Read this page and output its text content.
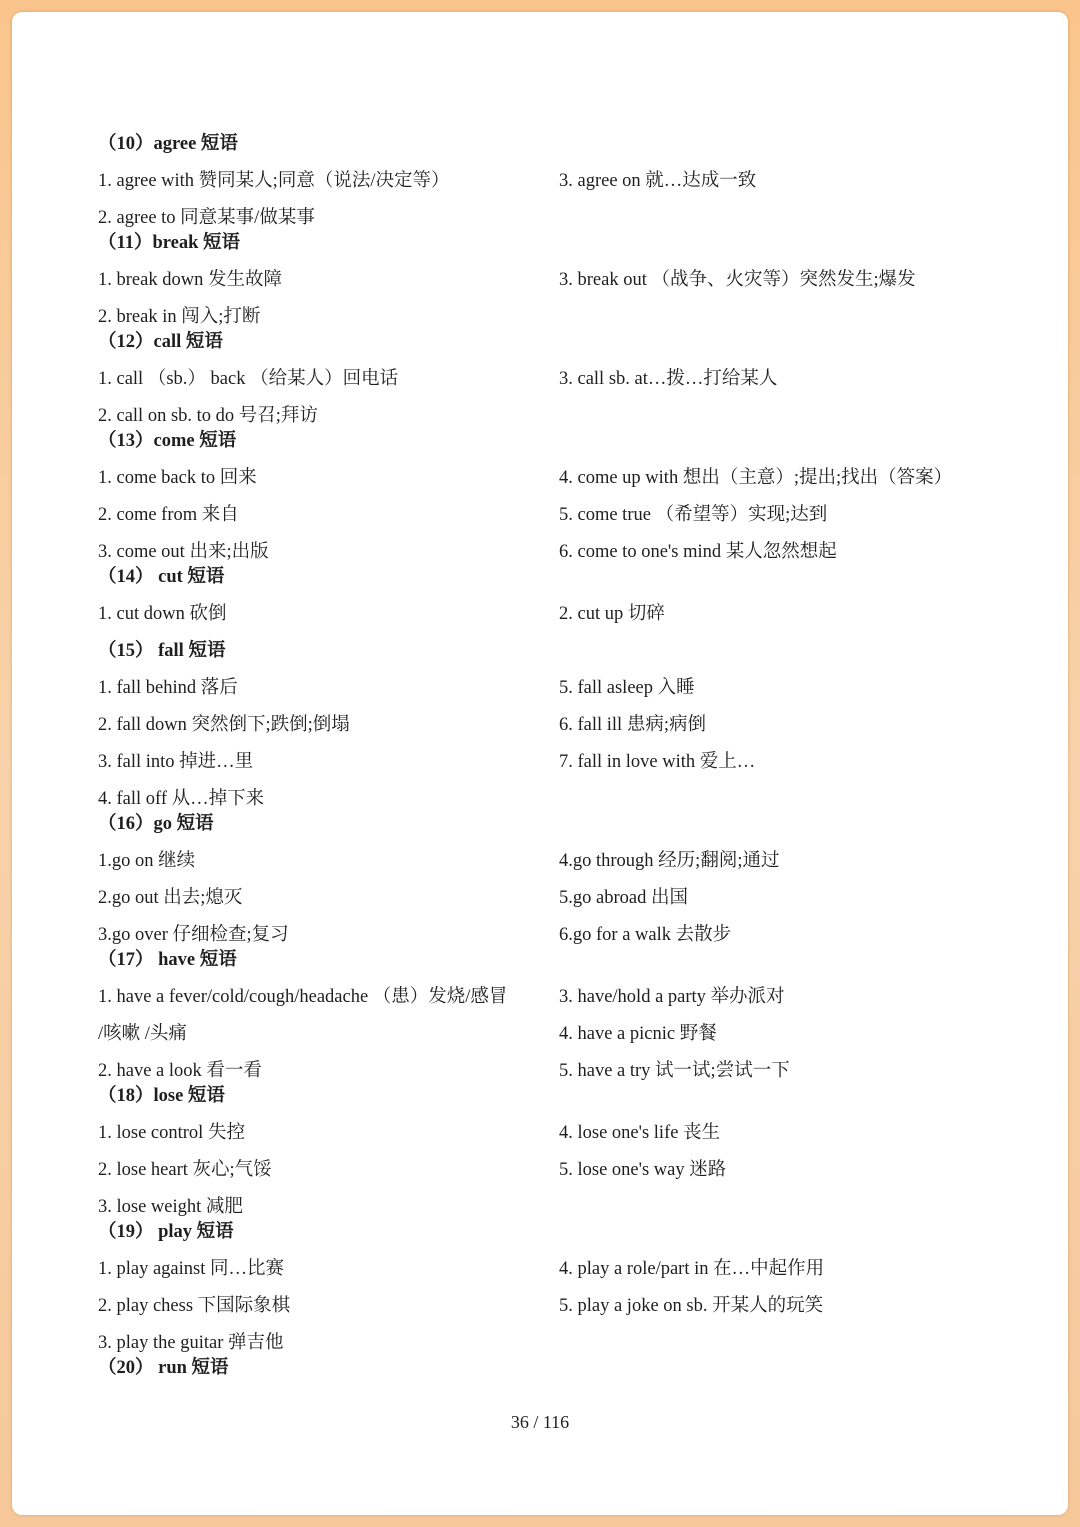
（10）agree 短语
1. agree with 赞同某人;同意（说法/决定等）
2. agree to 同意某事/做某事
3. agree on 就…达成一致
（11）break 短语
1. break down 发生故障
2. break in 闯入;打断
3. break out （战争、火灾等）突然发生;爆发
（12）call 短语
1. call （sb.） back （给某人）回电话
2. call on sb. to do 号召;拜访
3. call sb. at…拨…打给某人
（13）come 短语
1. come back to 回来
2. come from 来自
3. come out 出来;出版
4. come up with 想出（主意）;提出;找出（答案）
5. come true （希望等）实现;达到
6. come to one's mind 某人忽然想起
（14） cut 短语
1. cut down 砍倒	2. cut up 切碎
（15） fall 短语
1. fall behind 落后
2. fall down 突然倒下;跌倒;倒塌
3. fall into 掉进…里
4. fall off 从…掉下来
5. fall asleep 入睡
6. fall ill 患病;病倒
7. fall in love with 爱上…
（16）go 短语
1.go on 继续
2.go out 出去;熄灭
3.go over 仔细检查;复习
4.go through 经历;翻阅;通过
5.go abroad 出国
6.go for a walk 去散步
（17） have 短语
1. have a fever/cold/cough/headache （患）发烧/感冒
/咳嗽 /头痛
2. have a look 看一看
3. have/hold a party 举办派对
4. have a picnic 野餐
5. have a try 试一试;尝试一下
（18）lose 短语
1. lose control 失控
2. lose heart 灰心;气馁
3. lose weight 减肥
4. lose one's life 丧生
5. lose one's way 迷路
（19） play 短语
1. play against 同…比赛
2. play chess 下国际象棋
3. play the guitar 弹吉他
4. play a role/part in 在…中起作用
5. play a joke on sb. 开某人的玩笑
（20） run 短语
36 / 116
